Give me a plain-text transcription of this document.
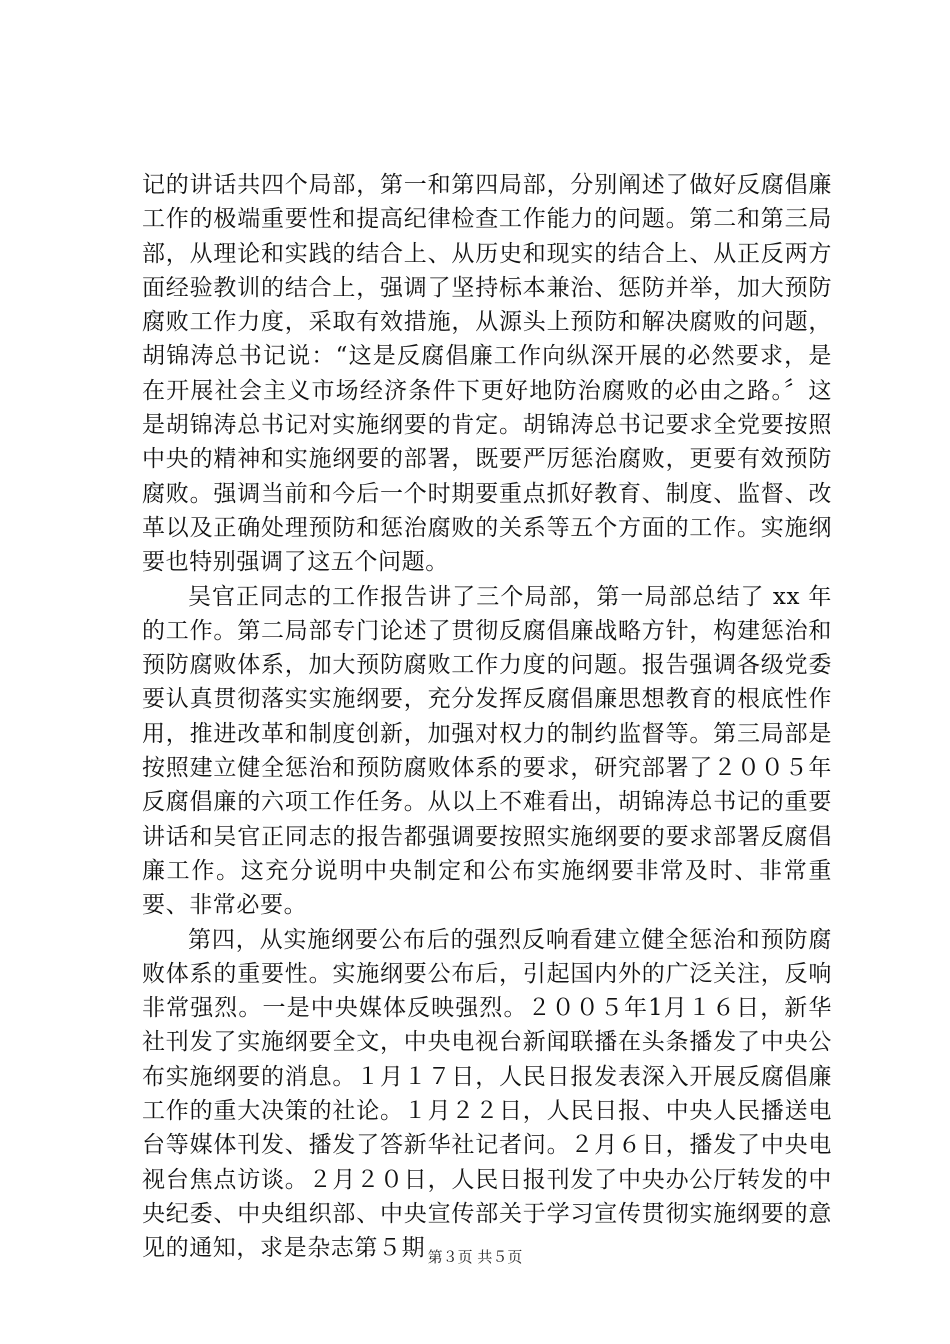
记的讲话共四个局部，第一和第四局部，分别阐述了做好反腐倡廉工作的极端重要性和提高纪律检查工作能力的问题。第二和第三局部，从理论和实践的结合上、从历史和现实的结合上、从正反两方面经验教训的结合上，强调了坚持标本兼治、惩防并举，加大预防腐败工作力度，采取有效措施，从源头上预防和解决腐败的问题，胡锦涛总书记说：“这是反腐倡廉工作向纵深开展的必然要求，是在开展社会主义市场经济条件下更好地防治腐败的必由之路。〞这是胡锦涛总书记对实施纲要的肯定。胡锦涛总书记要求全党要按照中央的精神和实施纲要的部署，既要严厉惩治腐败，更要有效预防腐败。强调当前和今后一个时期要重点抓好教育、制度、监督、改革以及正确处理预防和惩治腐败的关系等五个方面的工作。实施纲要也特别强调了这五个问题。

吴官正同志的工作报告讲了三个局部，第一局部总结了 xx 年的工作。第二局部专门论述了贯彻反腐倡廉战略方针，构建惩治和预防腐败体系，加大预防腐败工作力度的问题。报告强调各级党委要认真贯彻落实实施纲要，充分发挥反腐倡廉思想教育的根底性作用，推进改革和制度创新，加强对权力的制约监督等。第三局部是按照建立健全惩治和预防腐败体系的要求，研究部署了２００５年反腐倡廉的六项工作任务。从以上不难看出，胡锦涛总书记的重要讲话和吴官正同志的报告都强调要按照实施纲要的要求部署反腐倡廉工作。这充分说明中央制定和公布实施纲要非常及时、非常重要、非常必要。

第四，从实施纲要公布后的强烈反响看建立健全惩治和预防腐败体系的重要性。实施纲要公布后，引起国内外的广泛关注，反响非常强烈。一是中央媒体反映强烈。２００５年1月１６日，新华社刊发了实施纲要全文，中央电视台新闻联播在头条播发了中央公布实施纲要的消息。１月１７日，人民日报发表深入开展反腐倡廉工作的重大决策的社论。１月２２日，人民日报、中央人民播送电台等媒体刊发、播发了答新华社记者问。２月６日，播发了中央电视台焦点访谈。２月２０日，人民日报刊发了中央办公厅转发的中央纪委、中央组织部、中央宣传部关于学习宣传贯彻实施纲要的意见的通知，求是杂志第５期 第３页 共５页
